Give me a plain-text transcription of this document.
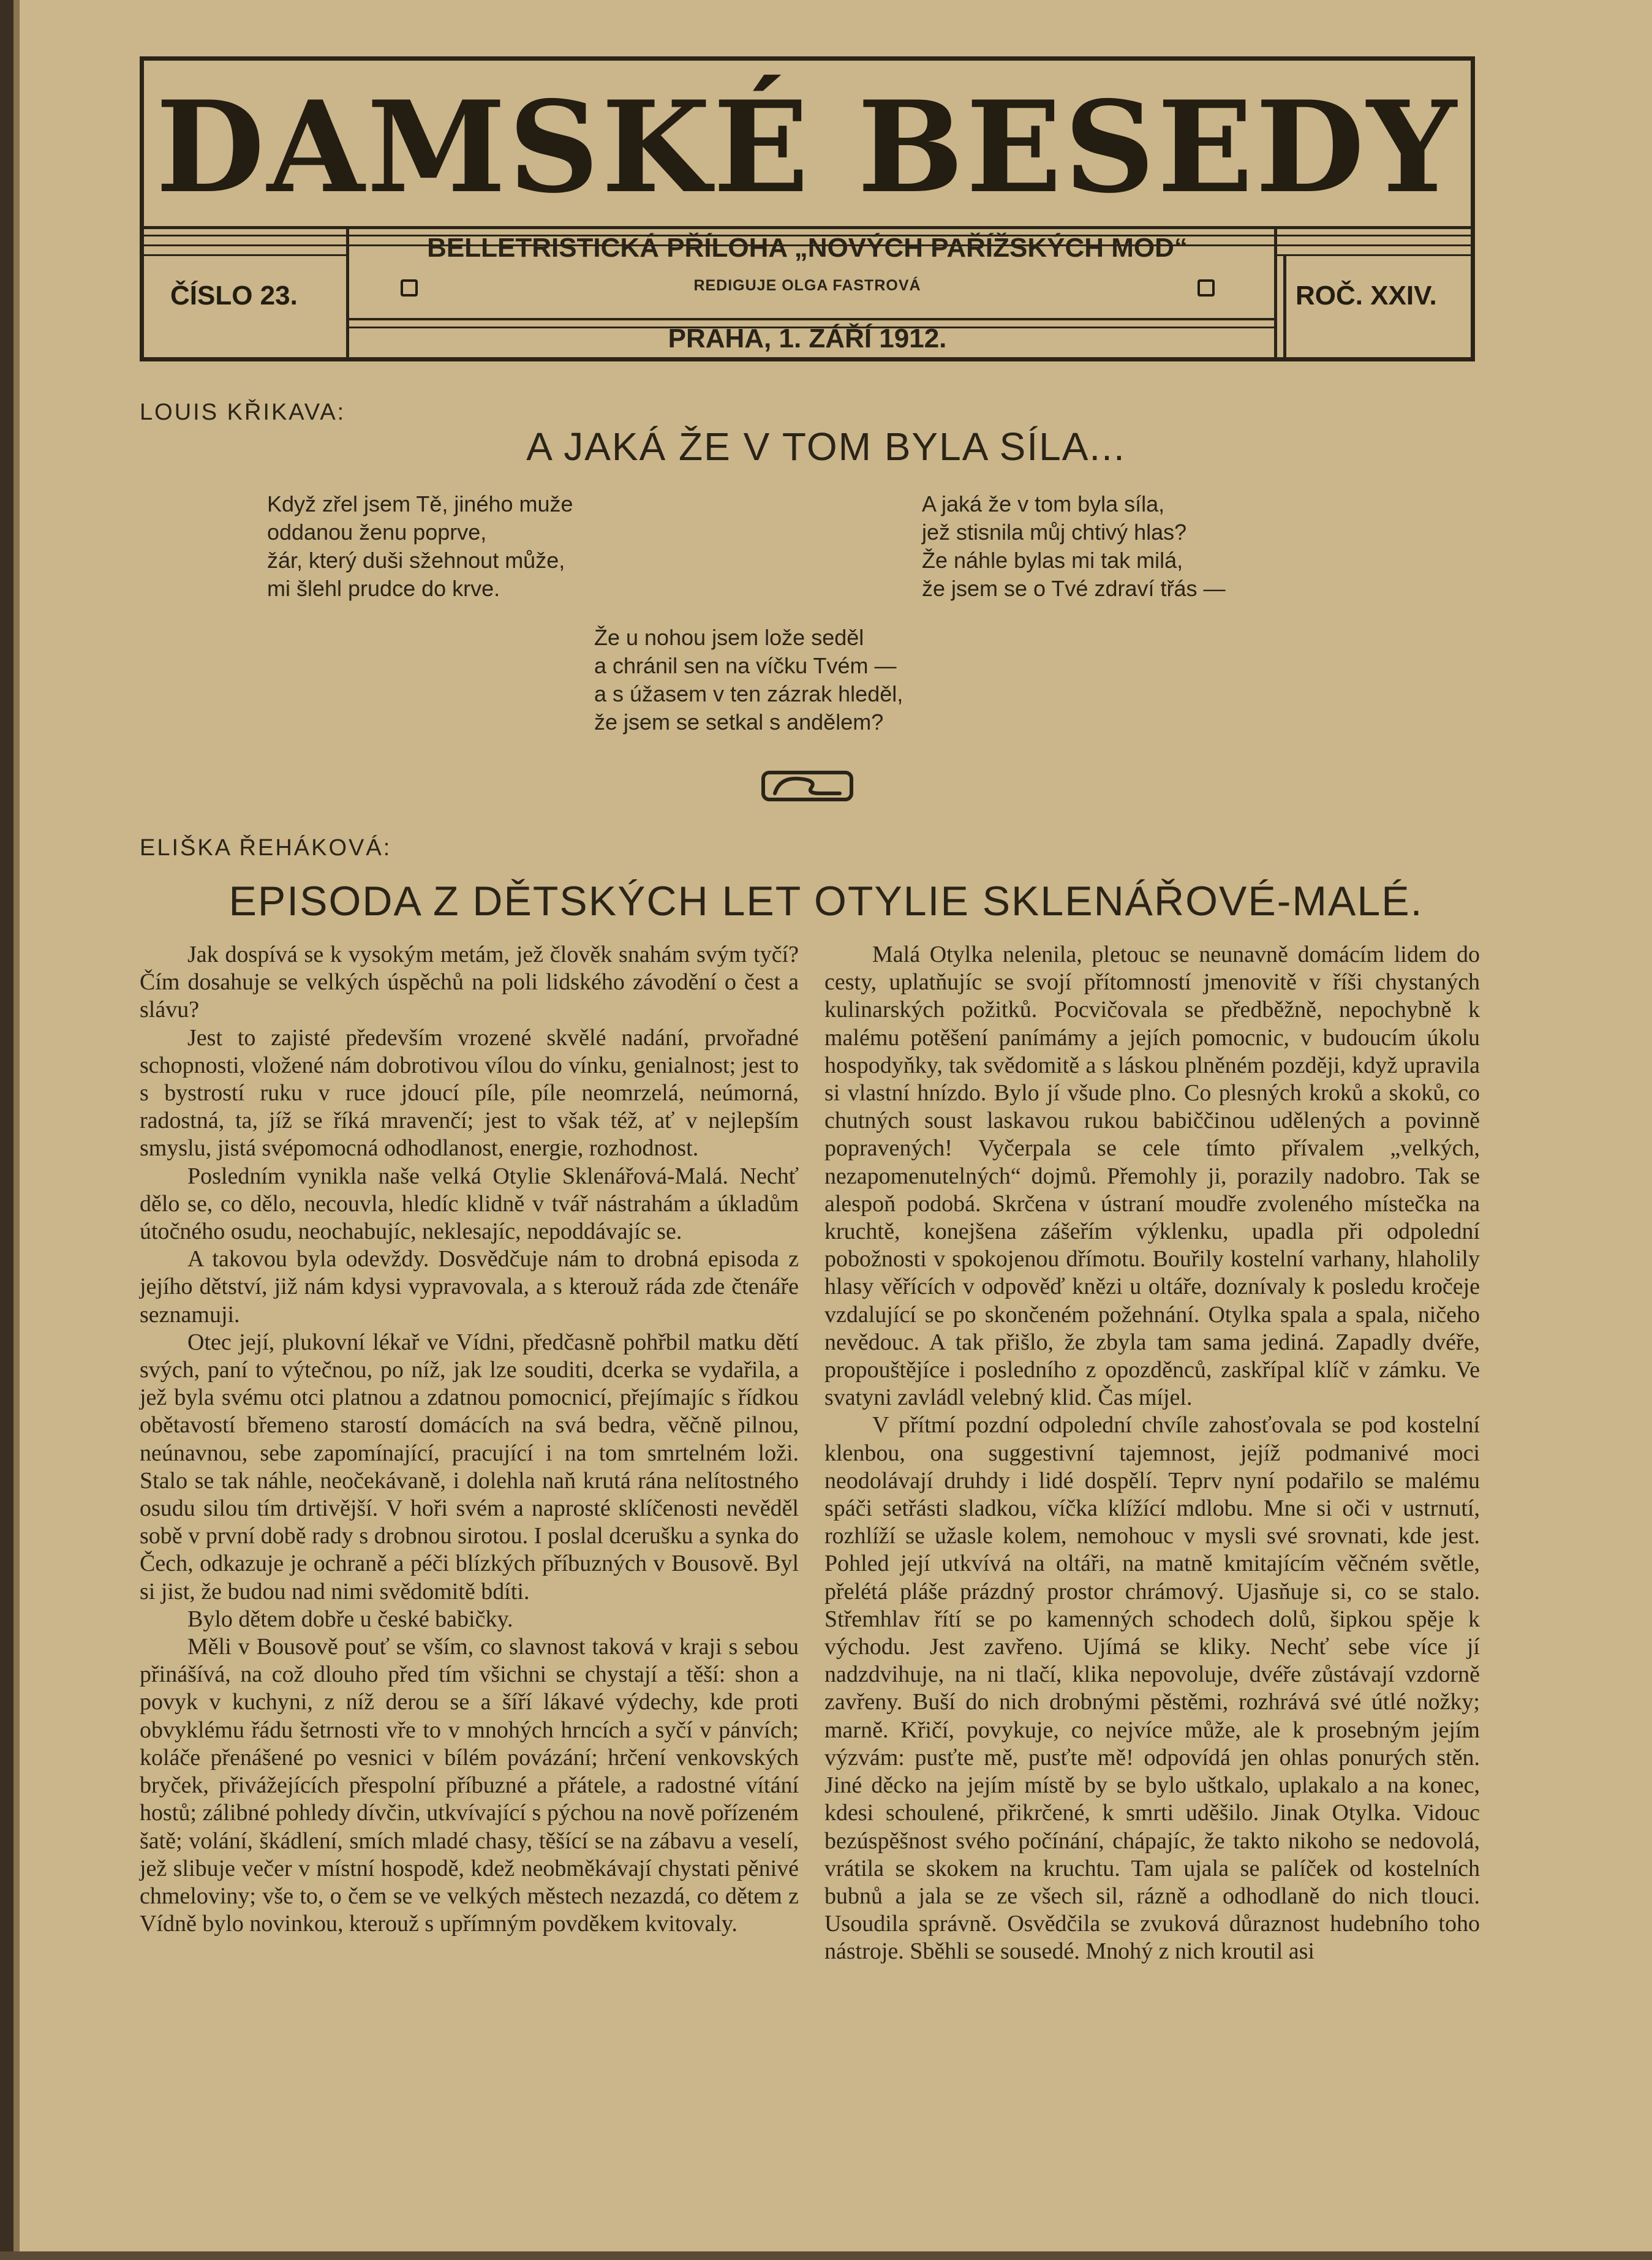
DAMSKÉ BESEDY
ČÍSLO 23.	ROČ. XXIV.
BELLETRISTICKÁ PŘÍLOHA „NOVÝCH PAŘÍŽSKÝCH MOD“
REDIGUJE OLGA FASTROVÁ
PRAHA, 1. ZÁŘÍ 1912.
LOUIS KŘIKAVA:
A JAKÁ ŽE V TOM BYLA SÍLA...
Když zřel jsem Tě, jiného muže
oddanou ženu poprve,
žár, který duši sžehnout může,
mi šlehl prudce do krve.
A jaká že v tom byla síla,
jež stisnila můj chtivý hlas?
Že náhle bylas mi tak milá,
že jsem se o Tvé zdraví třás —
Že u nohou jsem lože seděl
a chránil sen na víčku Tvém —
a s úžasem v ten zázrak hleděl,
že jsem se setkal s andělem?
ELIŠKA ŘEHÁKOVÁ:
EPISODA Z DĚTSKÝCH LET OTYLIE SKLENÁŘOVÉ-MALÉ.

Jak dospívá se k vysokým metám, jež člověk snahám svým tyčí? Čím dosahuje se velkých úspěchů na poli lidského závodění o čest a slávu?

Jest to zajisté především vrozené skvělé nadání, prvořadné schopnosti, vložené nám dobrotivou vílou do vínku, genialnost; jest to s bystrostí ruku v ruce jdoucí píle, píle neomrzelá, neúmorná, radostná, ta, jíž se říká mravenčí; jest to však též, ať v nejlepším smyslu, jistá svépomocná odhodlanost, energie, rozhodnost.

Posledním vynikla naše velká Otylie Sklenářová-Malá. Nechť dělo se, co dělo, necouvla, hledíc klidně v tvář nástrahám a úkladům útočného osudu, neochabujíc, neklesajíc, nepoddávajíc se.

A takovou byla odevždy. Dosvědčuje nám to drobná episoda z jejího dětství, již nám kdysi vypravovala, a s kterouž ráda zde čtenáře seznamuji.

Otec její, plukovní lékař ve Vídni, předčasně pohřbil matku dětí svých, paní to výtečnou, po níž, jak lze souditi, dcerka se vydařila, a jež byla svému otci platnou a zdatnou pomocnicí, přejímajíc s řídkou obětavostí břemeno starostí domácích na svá bedra, věčně pilnou, neúnavnou, sebe zapomínající, pracující i na tom smrtelném loži. Stalo se tak náhle, neočekávaně, i dolehla naň krutá rána nelítostného osudu silou tím drtivější. V hoři svém a naprosté sklíčenosti nevěděl sobě v první době rady s drobnou sirotou. I poslal dcerušku a synka do Čech, odkazuje je ochraně a péči blízkých příbuzných v Bousově. Byl si jist, že budou nad nimi svědomitě bdíti.

Bylo dětem dobře u české babičky.

Měli v Bousově pouť se vším, co slavnost taková v kraji s sebou přinášívá, na což dlouho před tím všichni se chystají a těší: shon a povyk v kuchyni, z níž derou se a šíří lákavé výdechy, kde proti obvyklému řádu šetrnosti vře to v mnohých hrncích a syčí v pánvích; koláče přenášené po vesnici v bílém povázání; hrčení venkovských bryček, přivážejících přespolní příbuzné a přátele, a radostné vítání hostů; zálibné pohledy dívčin, utkvívající s pýchou na nově pořízeném šatě; volání, škádlení, smích mladé chasy, těšící se na zábavu a veselí, jež slibuje večer v místní hospodě, kdež neobměkávají chystati pěnivé chmeloviny; vše to, o čem se ve velkých městech nezazdá, co dětem z Vídně bylo novinkou, kterouž s upřímným povděkem kvitovaly.

Malá Otylka nelenila, pletouc se neunavně domácím lidem do cesty, uplatňujíc se svojí přítomností jmenovitě v říši chystaných kulinarských požitků. Pocvičovala se předběžně, nepochybně k malému potěšení panímámy a jejích pomocnic, v budoucím úkolu hospodyňky, tak svědomitě a s láskou plněném později, když upravila si vlastní hnízdo. Bylo jí všude plno. Co plesných kroků a skoků, co chutných soust laskavou rukou babiččinou udělených a povinně popravených! Vyčerpala se cele tímto přívalem „velkých, nezapomenutelných“ dojmů. Přemohly ji, porazily nadobro. Tak se alespoň podobá. Skrčena v ústraní moudře zvoleného místečka na kruchtě, konejšena zášeřím výklenku, upadla při odpolední pobožnosti v spokojenou dřímotu. Bouřily kostelní varhany, hlaholily hlasy věřících v odpověď knězi u oltáře, doznívaly k posledu kročeje vzdalující se po skončeném požehnání. Otylka spala a spala, ničeho nevědouc. A tak přišlo, že zbyla tam sama jediná. Zapadly dvéře, propouštějíce i posledního z opozděnců, zaskřípal klíč v zámku. Ve svatyni zavládl velebný klid. Čas míjel.

V přítmí pozdní odpolední chvíle zahosťovala se pod kostelní klenbou, ona suggestivní tajemnost, jejíž podmanivé moci neodolávají druhdy i lidé dospělí. Teprv nyní podařilo se malému spáči setřásti sladkou, víčka klížící mdlobu. Mne si oči v ustrnutí, rozhlíží se užasle kolem, nemohouc v mysli své srovnati, kde jest. Pohled její utkvívá na oltáři, na matně kmitajícím věčném světle, přelétá pláše prázdný prostor chrámový. Ujasňuje si, co se stalo. Střemhlav řítí se po kamenných schodech dolů, šipkou spěje k východu. Jest zavřeno. Ujímá se kliky. Nechť sebe více jí nadzdvihuje, na ni tlačí, klika nepovoluje, dvéře zůstávají vzdorně zavřeny. Buší do nich drobnými pěstěmi, rozhrává své útlé nožky; marně. Křičí, povykuje, co nejvíce může, ale k prosebným jejím výzvám: pusťte mě, pusťte mě! odpovídá jen ohlas ponurých stěn. Jiné děcko na jejím místě by se bylo uštkalo, uplakalo a na konec, kdesi schoulené, přikrčené, k smrti uděšilo. Jinak Otylka. Vidouc bezúspěšnost svého počínání, chápajíc, že takto nikoho se nedovolá, vrátila se skokem na kruchtu. Tam ujala se palíček od kostelních bubnů a jala se ze všech sil, rázně a odhodlaně do nich tlouci. Usoudila správně. Osvědčila se zvuková důraznost hudebního toho nástroje. Sběhli se sousedé. Mnohý z nich kroutil asi
